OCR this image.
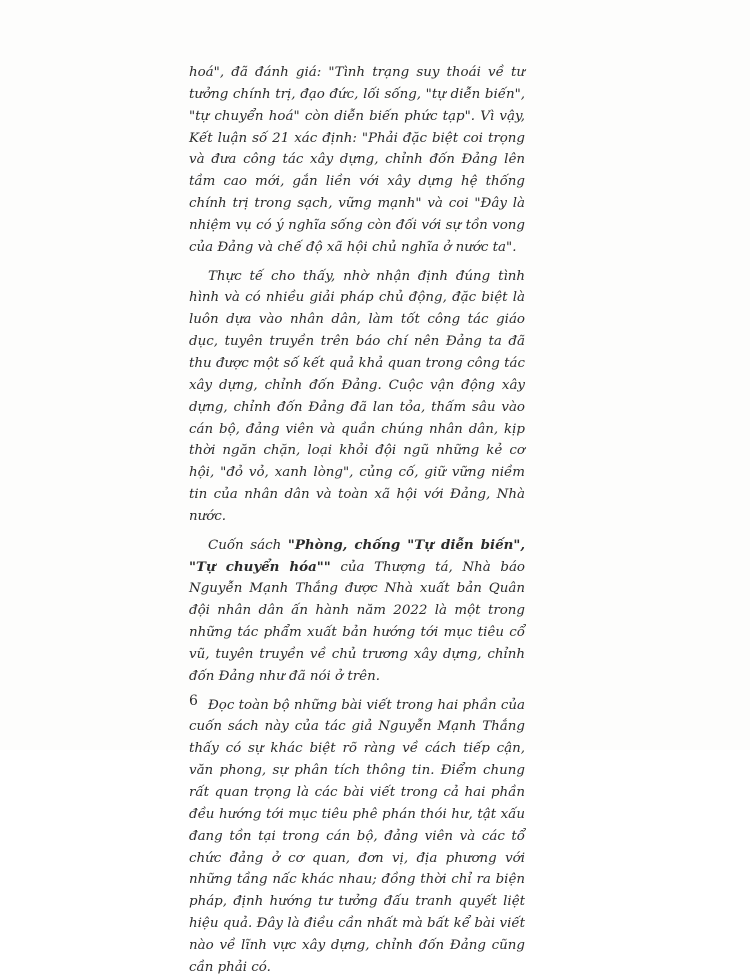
hoá", đã đánh giá: "Tình trạng suy thoái về tư tưởng chính trị, đạo đức, lối sống, "tự diễn biến", "tự chuyển hoá" còn diễn biến phức tạp". Vì vậy, Kết luận số 21 xác định: "Phải đặc biệt coi trọng và đưa công tác xây dựng, chỉnh đốn Đảng lên tầm cao mới, gắn liền với xây dựng hệ thống chính trị trong sạch, vững mạnh" và coi "Đây là nhiệm vụ có ý nghĩa sống còn đối với sự tồn vong của Đảng và chế độ xã hội chủ nghĩa ở nước ta".

Thực tế cho thấy, nhờ nhận định đúng tình hình và có nhiều giải pháp chủ động, đặc biệt là luôn dựa vào nhân dân, làm tốt công tác giáo dục, tuyên truyền trên báo chí nên Đảng ta đã thu được một số kết quả khả quan trong công tác xây dựng, chỉnh đốn Đảng. Cuộc vận động xây dựng, chỉnh đốn Đảng đã lan tỏa, thấm sâu vào cán bộ, đảng viên và quần chúng nhân dân, kịp thời ngăn chặn, loại khỏi đội ngũ những kẻ cơ hội, "đỏ vỏ, xanh lòng", củng cố, giữ vững niềm tin của nhân dân và toàn xã hội với Đảng, Nhà nước.

Cuốn sách "Phòng, chống "Tự diễn biến", "Tự chuyển hóa"" của Thượng tá, Nhà báo Nguyễn Mạnh Thắng được Nhà xuất bản Quân đội nhân dân ấn hành năm 2022 là một trong những tác phẩm xuất bản hướng tới mục tiêu cổ vũ, tuyên truyền về chủ trương xây dựng, chỉnh đốn Đảng như đã nói ở trên.

Đọc toàn bộ những bài viết trong hai phần của cuốn sách này của tác giả Nguyễn Mạnh Thắng thấy có sự khác biệt rõ ràng về cách tiếp cận, văn phong, sự phân tích thông tin. Điểm chung rất quan trọng là các bài viết trong cả hai phần đều hướng tới mục tiêu phê phán thói hư, tật xấu đang tồn tại trong cán bộ, đảng viên và các tổ chức đảng ở cơ quan, đơn vị, địa phương với những tầng nấc khác nhau; đồng thời chỉ ra biện pháp, định hướng tư tưởng đấu tranh quyết liệt hiệu quả. Đây là điều cần nhất mà bất kể bài viết nào về lĩnh vực xây dựng, chỉnh đốn Đảng cũng cần phải có.

6
